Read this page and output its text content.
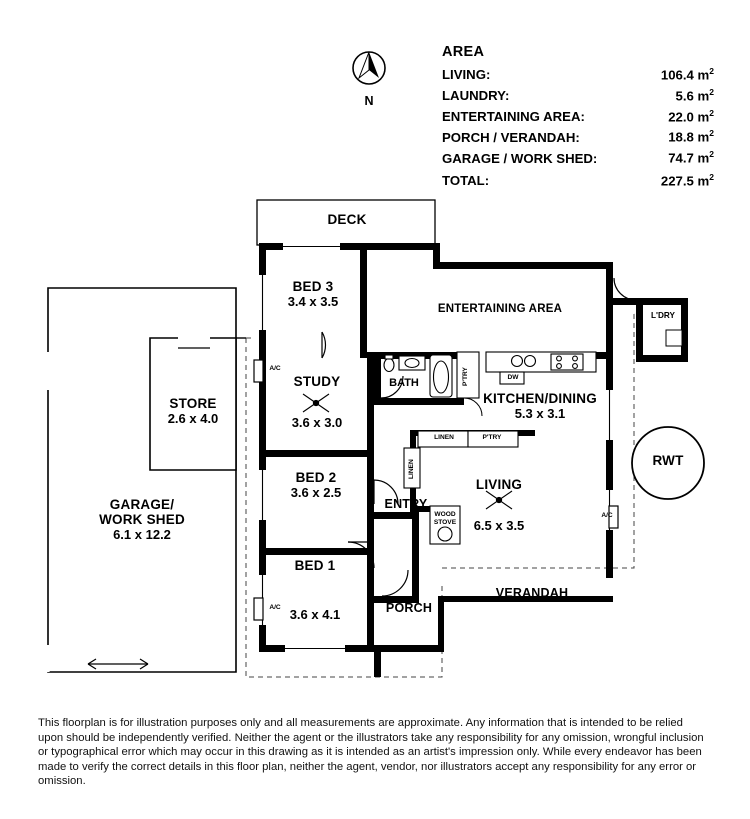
N
AREA
LIVING:	106.4 $m^2$
LAUNDRY:	5.6 $m^2$
ENTERTAINING AREA:	22.0 $m^2$
PORCH / VERANDAH:	18.8 $m^2$
GARAGE / WORK SHED:	74.7 $m^2$
TOTAL:	227.5 $m^2$
DECK
BED 3
3.4 x 3.5	ENTERTAINING AREA
L'DRY
STUDY
3.6 x 3.0
BATH	P'TRY	DW
KITCHEN/DINING
5.3 x 3.1
STORE
2.6 x 4.0
BED 2
3.6 x 2.5
LINEN	P'TRY
LINEN
LIVING
6.5 x 3.5
RWT
GARAGE/
WORK SHED
6.1 x 12.2
ENTRY
WOOD
STOVE
BED 1
3.6 x 4.1	PORCH
VERANDAH
A/C
A/C
A/C
This floorplan is for illustration purposes only and all measurements are approximate. Any information that is intended to be relied upon should be independently verified. Neither the agent or the illustrators take any responsibility for any omission, wrongful inclusion or typographical error which may occur in this drawing as it is intended as an artist's impression only. While every endeavor has been made to verify the correct details in this floor plan, neither the agent, vendor, nor illustrators accept any responsibility for any error or omission.
